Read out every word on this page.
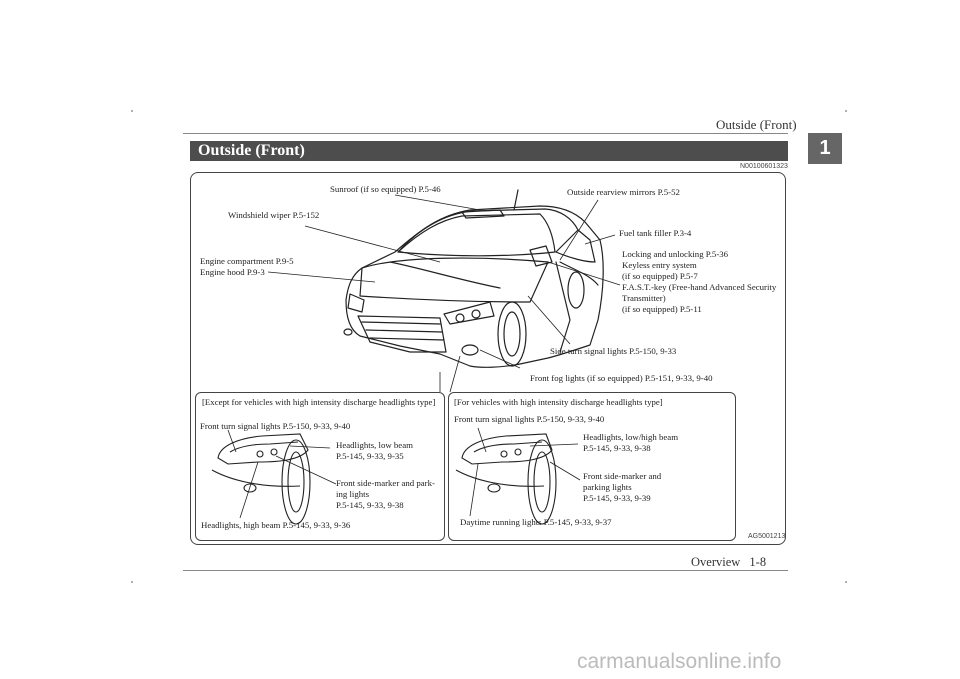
Outside (Front)
1
Outside (Front)
N00100601323
Sunroof (if so equipped) P.5-46	Outside rearview mirrors P.5-52
Windshield wiper P.5-152
Fuel tank filler P.3-4
Engine compartment P.9-5
Engine hood P.9-3
Locking and unlocking P.5-36
Keyless entry system
(if so equipped) P.5-7
F.A.S.T.-key (Free-hand Advanced Security
Transmitter)
(if so equipped) P.5-11
Side turn signal lights P.5-150, 9-33
Front fog lights (if so equipped) P.5-151, 9-33, 9-40
[Except for vehicles with high intensity discharge headlights type]
Front turn signal lights P.5-150, 9-33, 9-40
Headlights, low beam
P.5-145, 9-33, 9-35
Front side-marker and park-
ing lights
P.5-145, 9-33, 9-38
Headlights, high beam P.5-145, 9-33, 9-36
[For vehicles with high intensity discharge headlights type]
Front turn signal lights P.5-150, 9-33, 9-40
Headlights, low/high beam
P.5-145, 9-33, 9-38
Front side-marker and
parking lights
P.5-145, 9-33, 9-39
Daytime running lights P.5-145, 9-33, 9-37
AG5001213
Overview 1-8
carmanualsonline.info
